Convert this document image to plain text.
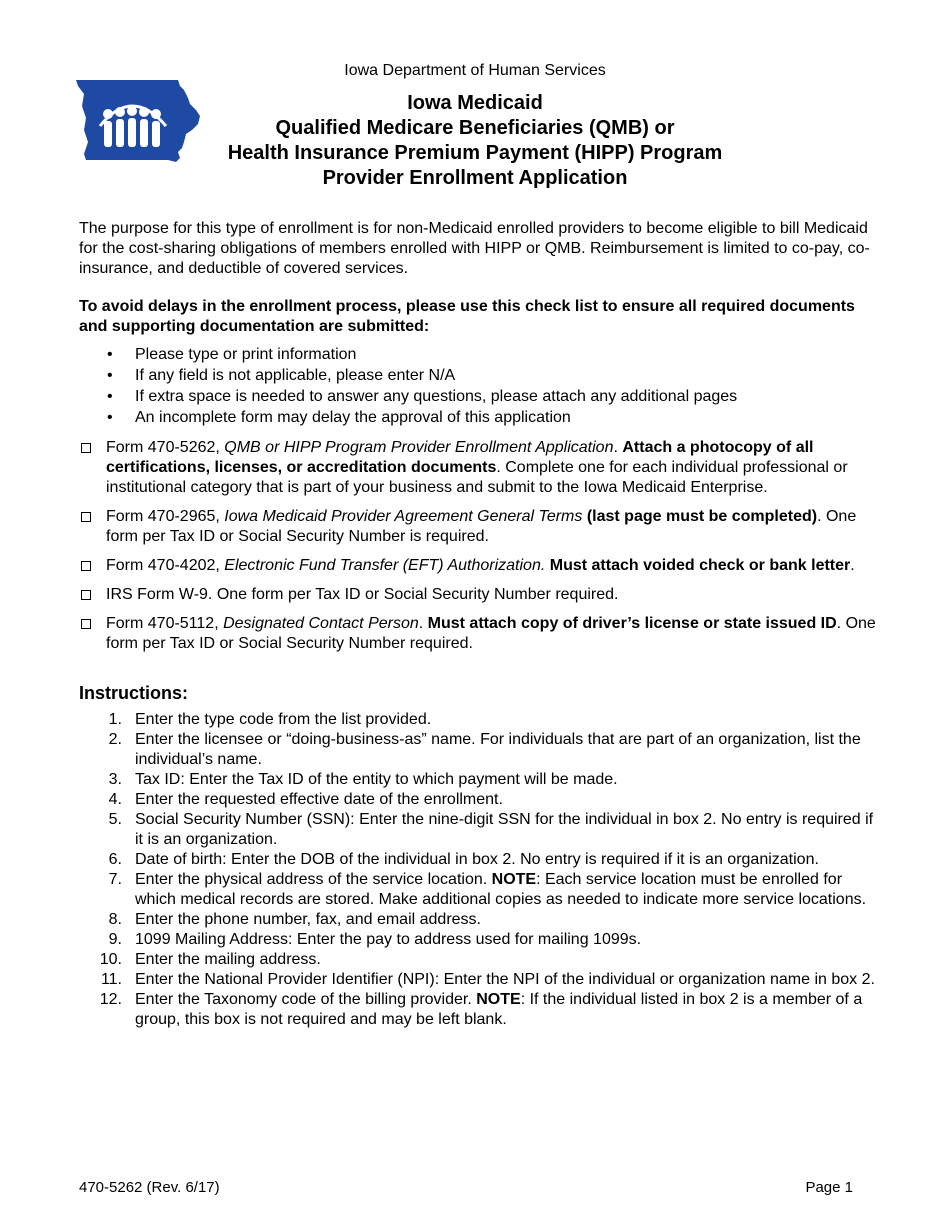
Iowa Department of Human Services
Iowa Medicaid
Qualified Medicare Beneficiaries (QMB) or
Health Insurance Premium Payment (HIPP) Program
Provider Enrollment Application

The purpose for this type of enrollment is for non-Medicaid enrolled providers to become eligible to bill Medicaid for the cost-sharing obligations of members enrolled with HIPP or QMB. Reimbursement is limited to co-pay, co-insurance, and deductible of covered services.

To avoid delays in the enrollment process, please use this check list to ensure all required documents and supporting documentation are submitted:

• Please type or print information
• If any field is not applicable, please enter N/A
• If extra space is needed to answer any questions, please attach any additional pages
• An incomplete form may delay the approval of this application
Form 470-5262, QMB or HIPP Program Provider Enrollment Application. Attach a photocopy of all certifications, licenses, or accreditation documents. Complete one for each individual professional or institutional category that is part of your business and submit to the Iowa Medicaid Enterprise.
Form 470-2965, Iowa Medicaid Provider Agreement General Terms (last page must be completed). One form per Tax ID or Social Security Number is required.
Form 470-4202, Electronic Fund Transfer (EFT) Authorization. Must attach voided check or bank letter.
IRS Form W-9. One form per Tax ID or Social Security Number required.
Form 470-5112, Designated Contact Person. Must attach copy of driver’s license or state issued ID. One form per Tax ID or Social Security Number required.

Instructions:

1. Enter the type code from the list provided.
2. Enter the licensee or “doing-business-as” name. For individuals that are part of an organization, list the individual’s name.
3. Tax ID: Enter the Tax ID of the entity to which payment will be made.
4. Enter the requested effective date of the enrollment.
5. Social Security Number (SSN): Enter the nine-digit SSN for the individual in box 2. No entry is required if it is an organization.
6. Date of birth: Enter the DOB of the individual in box 2. No entry is required if it is an organization.
7. Enter the physical address of the service location. NOTE: Each service location must be enrolled for which medical records are stored. Make additional copies as needed to indicate more service locations.
8. Enter the phone number, fax, and email address.
9. 1099 Mailing Address: Enter the pay to address used for mailing 1099s.
10. Enter the mailing address.
11. Enter the National Provider Identifier (NPI): Enter the NPI of the individual or organization name in box 2.
12. Enter the Taxonomy code of the billing provider. NOTE: If the individual listed in box 2 is a member of a group, this box is not required and may be left blank.
470-5262 (Rev. 6/17)	Page 1
